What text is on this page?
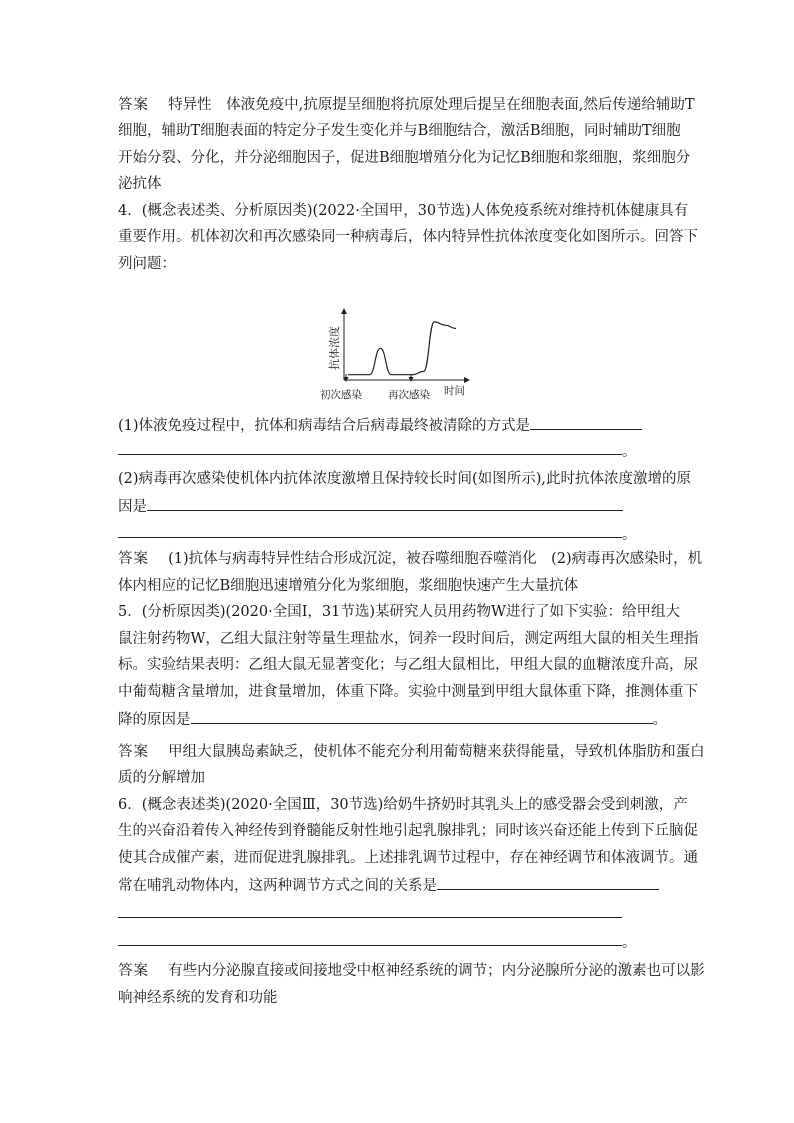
答案　 特异性　体液免疫中,抗原提呈细胞将抗原处理后提呈在细胞表面,然后传递给辅助T
细胞，辅助T细胞表面的特定分子发生变化并与B细胞结合，激活B细胞，同时辅助T细胞
开始分裂、分化，并分泌细胞因子，促进B细胞增殖分化为记忆B细胞和浆细胞，浆细胞分
泌抗体
4．(概念表述类、分析原因类)(2022·全国甲，30节选)人体免疫系统对维持机体健康具有
重要作用。机体初次和再次感染同一种病毒后，体内特异性抗体浓度变化如图所示。回答下
列问题：
抗体浓度
初次感染 再次感染 时间
(1)体液免疫过程中，抗体和病毒结合后病毒最终被清除的方式是
。
(2)病毒再次感染使机体内抗体浓度激增且保持较长时间(如图所示),此时抗体浓度激增的原
因是
。
答案　 (1)抗体与病毒特异性结合形成沉淀，被吞噬细胞吞噬消化　(2)病毒再次感染时，机
体内相应的记忆B细胞迅速增殖分化为浆细胞，浆细胞快速产生大量抗体
5．(分析原因类)(2020·全国Ⅰ，31节选)某研究人员用药物W进行了如下实验：给甲组大
鼠注射药物W，乙组大鼠注射等量生理盐水，饲养一段时间后，测定两组大鼠的相关生理指
标。实验结果表明：乙组大鼠无显著变化；与乙组大鼠相比，甲组大鼠的血糖浓度升高，尿
中葡萄糖含量增加，进食量增加，体重下降。实验中测量到甲组大鼠体重下降，推测体重下
降的原因是	。
答案　 甲组大鼠胰岛素缺乏，使机体不能充分利用葡萄糖来获得能量，导致机体脂肪和蛋白
质的分解增加
6．(概念表述类)(2020·全国Ⅲ，30节选)给奶牛挤奶时其乳头上的感受器会受到刺激，产
生的兴奋沿着传入神经传到脊髓能反射性地引起乳腺排乳；同时该兴奋还能上传到下丘脑促
使其合成催产素，进而促进乳腺排乳。上述排乳调节过程中，存在神经调节和体液调节。通
常在哺乳动物体内，这两种调节方式之间的关系是
。
答案　 有些内分泌腺直接或间接地受中枢神经系统的调节；内分泌腺所分泌的激素也可以影
响神经系统的发育和功能
